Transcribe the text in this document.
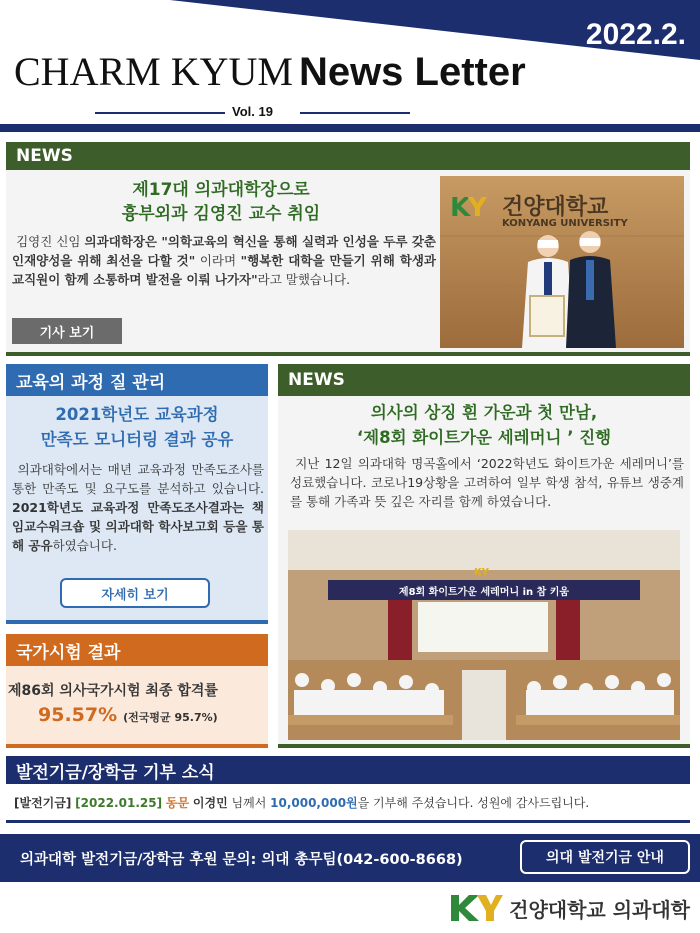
2022.2.
CHARM KYUM News Letter
Vol. 19
NEWS
제17대 의과대학장으로
흉부외과 김영진 교수 취임
김영진 신임 의과대학장은 "의학교육의 혁신을 통해 실력과 인성을 두루 갖춘 인재양성을 위해 최선을 다할 것" 이라며 "행복한 대학을 만들기 위해 학생과 교직원이 함께 소통하며 발전을 이뤄 나가자"라고 말했습니다.
기사 보기
K
Y 건양대학교
KONYANG UNIVERSITY
교육의 과정 질 관리
2021학년도 교육과정
만족도 모니터링 결과 공유
의과대학에서는 매년 교육과정 만족도조사를 통한 만족도 및 요구도를 분석하고 있습니다. 2021학년도 교육과정 만족도조사결과는 책임교수워크숍 및 의과대학 학사보고회 등을 통해 공유하였습니다.
자세히 보기
국가시험 결과
제86회 의사국가시험 최종 합격률
95.57% (전국평균 95.7%)
NEWS
의사의 상징 흰 가운과 첫 만남,
‘제8회 화이트가운 세레머니 ’ 진행
지난 12일 의과대학 명곡홀에서 ‘2022학년도 화이트가운 세레머니’를 성료했습니다. 코로나19상황을 고려하여 일부 학생 참석, 유튜브 생중계를 통해 가족과 뜻 깊은 자리를 함께 하였습니다.
KY
제8회 화이트가운 세레머니 in 참 키움
발전기금/장학금 기부 소식
[발전기금] [2022.01.25] 동문 이경민 님께서 10,000,000원을 기부해 주셨습니다. 성원에 감사드립니다.
의과대학 발전기금/장학금 후원 문의: 의대 총무팀(042-600-8668)	의대 발전기금 안내
건양대학교 의과대학
